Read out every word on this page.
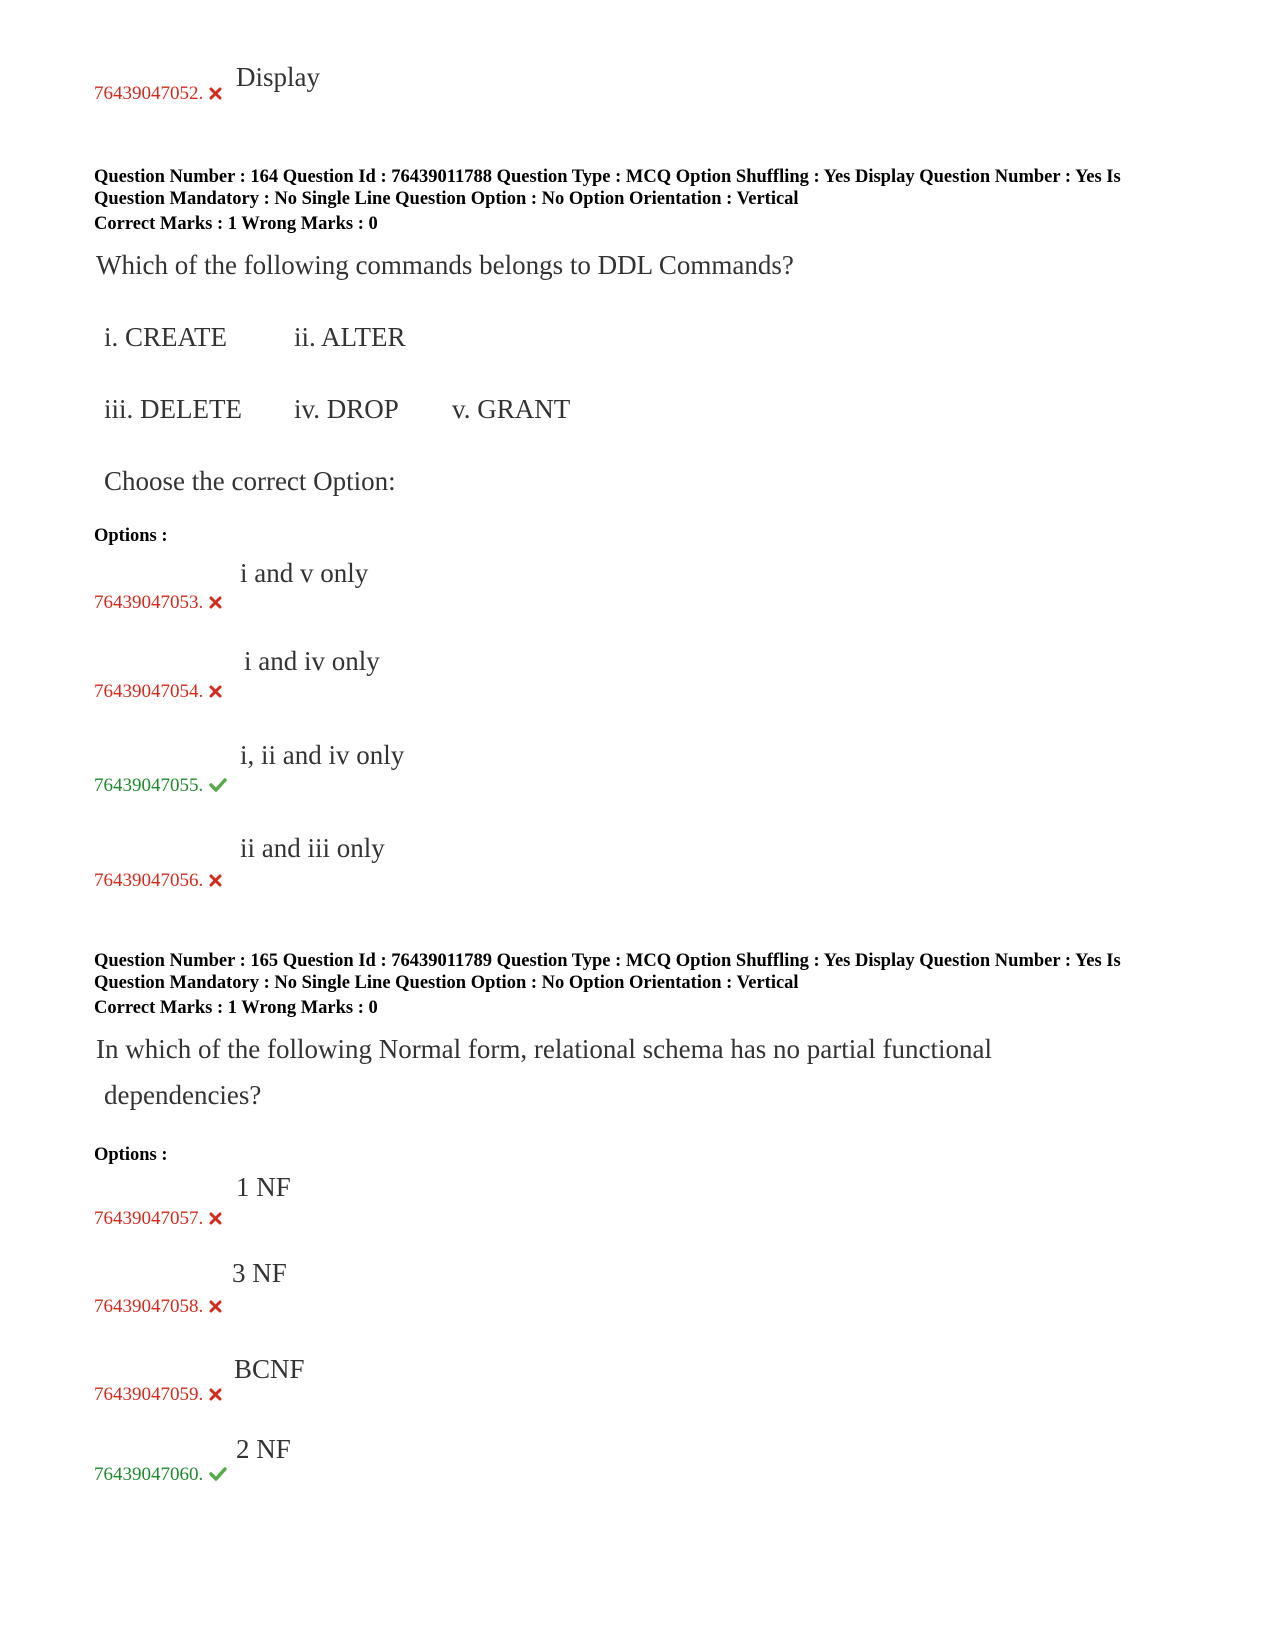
76439047052.
Display
Question Number : 164 Question Id : 76439011788 Question Type : MCQ Option Shuffling : Yes Display Question Number : Yes Is
Question Mandatory : No Single Line Question Option : No Option Orientation : Vertical
Correct Marks : 1 Wrong Marks : 0
Which of the following commands belongs to DDL Commands?
i. CREATE ii. ALTER
iii. DELETE iv. DROP v. GRANT
Choose the correct Option:
Options :
i and v only
76439047053.
i and iv only
76439047054.
i, ii and iv only
76439047055.
ii and iii only
76439047056.
Question Number : 165 Question Id : 76439011789 Question Type : MCQ Option Shuffling : Yes Display Question Number : Yes Is
Question Mandatory : No Single Line Question Option : No Option Orientation : Vertical
Correct Marks : 1 Wrong Marks : 0
In which of the following Normal form, relational schema has no partial functional
dependencies?
Options :
1 NF
76439047057.
3 NF
76439047058.
BCNF
76439047059.
2 NF
76439047060.
